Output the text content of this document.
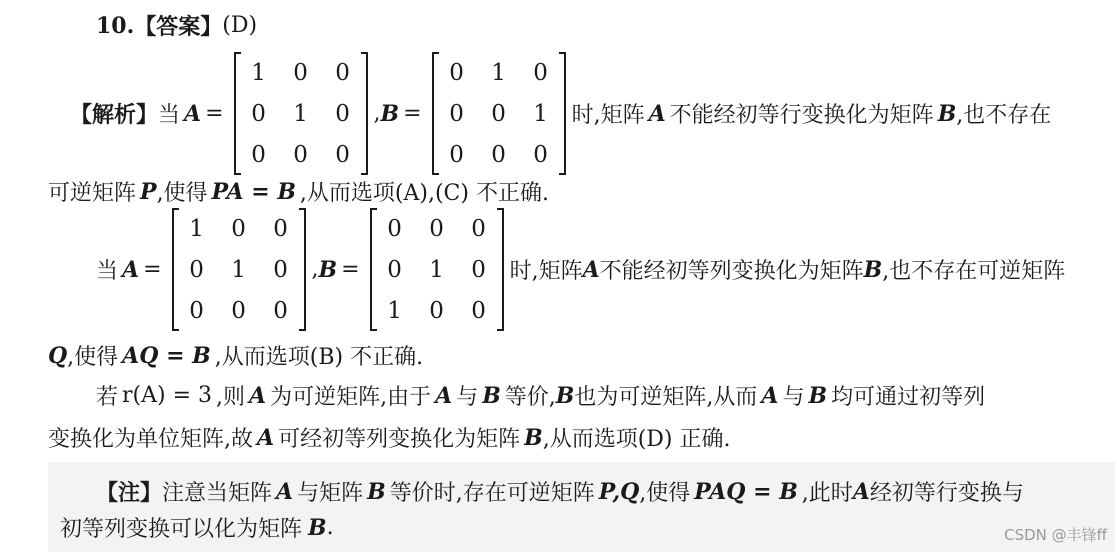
10. 【答案】 (D)
【解析】 当 A =
1 0 0
0 1 0
0 0 0
, B =
0 1 0
0 0 1
0 0 0
时,矩阵 A 不能经初等行变换化为矩阵 B ,也不存在
可逆矩阵 P ,使得 PA = B ,从而选项(A),(C) 不正确.
当 A =
1 0 0
0 1 0
0 0 0
, B =
0 0 0
0 1 0
1 0 0
时,矩阵 A 不能经初等列变换化为矩阵 B ,也不存在可逆矩阵
Q ,使得 AQ = B ,从而选项(B) 不正确.
若 r(A) = 3 ,则 A 为可逆矩阵,由于 A 与 B 等价, B 也为可逆矩阵,从而 A 与 B 均可通过初等列
变换化为单位矩阵,故 A 可经初等列变换化为矩阵 B ,从而选项(D) 正确.
【注】 注意当矩阵 A 与矩阵 B 等价时,存在可逆矩阵 P,Q ,使得 PAQ = B ,此时 A 经初等行变换与
初等列变换可以化为矩阵 B .	CSDN @丰锋ff
